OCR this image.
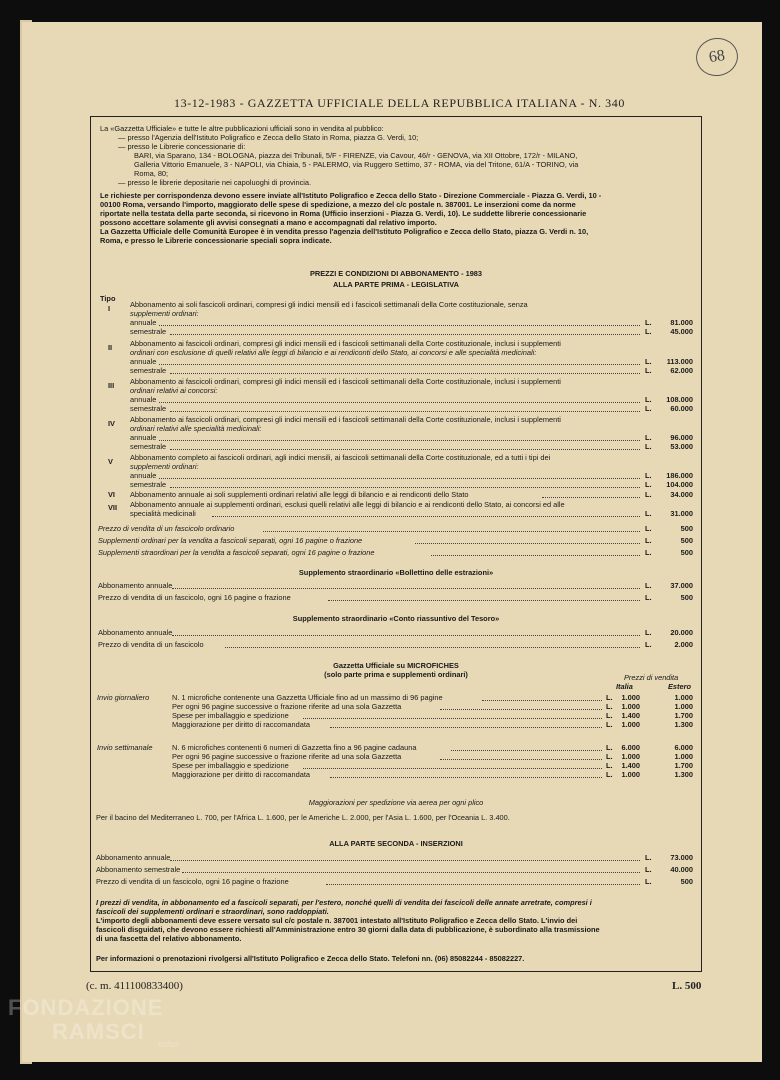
68
13-12-1983 - GAZZETTA UFFICIALE DELLA REPUBBLICA ITALIANA - N. 340
La «Gazzetta Ufficiale» e tutte le altre pubblicazioni ufficiali sono in vendita al pubblico:
— presso l'Agenzia dell'Istituto Poligrafico e Zecca dello Stato in Roma, piazza G. Verdi, 10;
— presso le Librerie concessionarie di:
BARI, via Sparano, 134 - BOLOGNA, piazza dei Tribunali, 5/F - FIRENZE, via Cavour, 46/r - GENOVA, via XII Ottobre, 172/r - MILANO,
Galleria Vittorio Emanuele, 3 - NAPOLI, via Chiaia, 5 - PALERMO, via Ruggero Settimo, 37 - ROMA, via del Tritone, 61/A - TORINO, via
Roma, 80;
— presso le librerie depositarie nei capoluoghi di provincia.
Le richieste per corrispondenza devono essere inviate all'Istituto Poligrafico e Zecca dello Stato - Direzione Commerciale - Piazza G. Verdi, 10 -
00100 Roma, versando l'importo, maggiorato delle spese di spedizione, a mezzo del c/c postale n. 387001. Le inserzioni come da norme
riportate nella testata della parte seconda, si ricevono in Roma (Ufficio inserzioni - Piazza G. Verdi, 10). Le suddette librerie concessionarie
possono accettare solamente gli avvisi consegnati a mano e accompagnati dal relativo importo.
La Gazzetta Ufficiale delle Comunità Europee è in vendita presso l'agenzia dell'Istituto Poligrafico e Zecca dello Stato, piazza G. Verdi n. 10,
Roma, e presso le Librerie concessionarie speciali sopra indicate.
PREZZI E CONDIZIONI DI ABBONAMENTO - 1983
ALLA PARTE PRIMA - LEGISLATIVA
Tipo
I	Abbonamento ai soli fascicoli ordinari, compresi gli indici mensili ed i fascicoli settimanali della Corte costituzionale, senza
supplementi ordinari:
annuale	L.	81.000
semestrale	L.	45.000
II Abbonamento ai fascicoli ordinari, compresi gli indici mensili ed i fascicoli settimanali della Corte costituzionale, inclusi i supplementi
ordinari con esclusione di quelli relativi alle leggi di bilancio e ai rendiconti dello Stato, ai concorsi e alle specialità medicinali:
annuale	L.	113.000
semestrale	L.	62.000
III Abbonamento ai fascicoli ordinari, compresi gli indici mensili ed i fascicoli settimanali della Corte costituzionale, inclusi i supplementi
ordinari relativi ai concorsi:
annuale	L.	108.000
semestrale	L.	60.000
IV Abbonamento ai fascicoli ordinari, compresi gli indici mensili ed i fascicoli settimanali della Corte costituzionale, inclusi i supplementi
ordinari relativi alle specialità medicinali:
annuale	L.	96.000
semestrale	L.	53.000
V Abbonamento completo ai fascicoli ordinari, agli indici mensili, ai fascicoli settimanali della Corte costituzionale, ed a tutti i tipi dei
supplementi ordinari:
annuale	L.	186.000
semestrale	L.	104.000
VI Abbonamento annuale ai soli supplementi ordinari relativi alle leggi di bilancio e ai rendiconti dello Stato	L.	34.000
VII Abbonamento annuale ai supplementi ordinari, esclusi quelli relativi alle leggi di bilancio e ai rendiconti dello Stato, ai concorsi ed alle
specialità medicinali	L.	31.000
Prezzo di vendita di un fascicolo ordinario	L.	500
Supplementi ordinari per la vendita a fascicoli separati, ogni 16 pagine o frazione	L.	500
Supplementi straordinari per la vendita a fascicoli separati, ogni 16 pagine o frazione	L.	500
Supplemento straordinario «Bollettino delle estrazioni»
Abbonamento annuale	L.	37.000
Prezzo di vendita di un fascicolo, ogni 16 pagine o frazione	L.	500
Supplemento straordinario «Conto riassuntivo del Tesoro»
Abbonamento annuale	L.	20.000
Prezzo di vendita di un fascicolo	L.	2.000
Gazzetta Ufficiale su MICROFICHES
(solo parte prima e supplementi ordinari)	Prezzi di vendita
Italia	Estero
Invio giornaliero	N. 1 microfiche contenente una Gazzetta Ufficiale fino ad un massimo di 96 pagine	L.	1.000	1.000
Per ogni 96 pagine successive o frazione riferite ad una sola Gazzetta	L.	1.000	1.000
Spese per imballaggio e spedizione	L.	1.400	1.700
Maggiorazione per diritto di raccomandata	L.	1.000	1.300
Invio settimanale	N. 6 microfiches contenenti 6 numeri di Gazzetta fino a 96 pagine cadauna	L.	6.000	6.000
Per ogni 96 pagine successive o frazione riferite ad una sola Gazzetta	L.	1.000	1.000
Spese per imballaggio e spedizione	L.	1.400	1.700
Maggiorazione per diritto di raccomandata	L.	1.000	1.300
Maggiorazioni per spedizione via aerea per ogni plico
Per il bacino del Mediterraneo L. 700, per l'Africa L. 1.600, per le Americhe L. 2.000, per l'Asia L. 1.600, per l'Oceania L. 3.400.
ALLA PARTE SECONDA - INSERZIONI
Abbonamento annuale	L.	73.000
Abbonamento semestrale	L.	40.000
Prezzo di vendita di un fascicolo, ogni 16 pagine o frazione	L.	500
I prezzi di vendita, in abbonamento ed a fascicoli separati, per l'estero, nonché quelli di vendita dei fascicoli delle annate arretrate, compresi i
fascicoli dei supplementi ordinari e straordinari, sono raddoppiati.
L'importo degli abbonamenti deve essere versato sul c/c postale n. 387001 intestato all'Istituto Poligrafico e Zecca dello Stato. L'invio dei
fascicoli disguidati, che devono essere richiesti all'Amministrazione entro 30 giorni dalla data di pubblicazione, è subordinato alla trasmissione
di una fascetta del relativo abbonamento.
Per informazioni o prenotazioni rivolgersi all'Istituto Poligrafico e Zecca dello Stato. Telefoni nn. (06) 85082244 - 85082227.
(c. m. 411100833400)	L. 500
FONDAZIONE
RAMSCI onlus
